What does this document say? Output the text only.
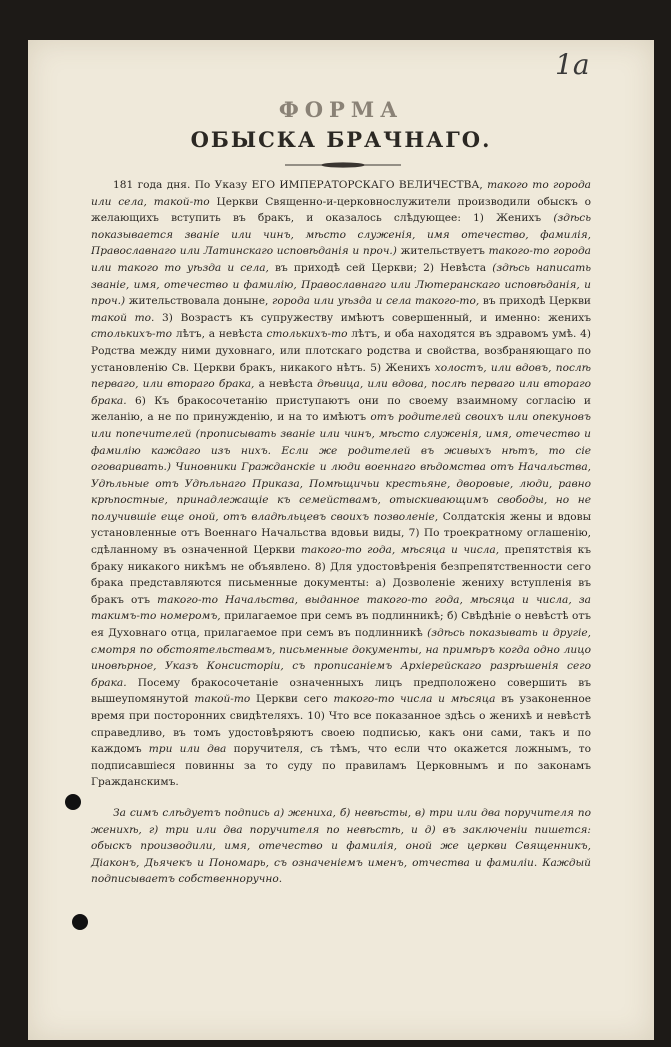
1а
ФОРМА
ОБЫСКА БРАЧНАГО.

181 года дня. По Указу ЕГО ИМПЕРАТОРСКАГО ВЕЛИЧЕСТВА, такого то города или села, такой-то Церкви Священно-и-церковнослужители производили обыскъ о желающихъ вступить въ бракъ, и оказалось слѣдующее: 1) Женихъ (здѣсь показывается званіе или чинъ, мѣсто служенія, имя отечество, фамилія, Православнаго или Латинскаго исповѣданія и проч.) жительствуетъ такого-то города или такого то уѣзда и села, въ приходѣ сей Церкви; 2) Невѣста (здѣсь написать званіе, имя, отечество и фамилію, Православнаго или Лютеранскаго исповѣданія, и проч.) жительствовала доныне, города или уѣзда и села такого-то, въ приходѣ Церкви такой то. 3) Возрастъ къ супружеству имѣютъ совершенный, и именно: женихъ столькихъ-то лѣтъ, а невѣста столькихъ-то лѣтъ, и оба находятся въ здравомъ умѣ. 4) Родства между ними духовнаго, или плотскаго родства и свойства, возбраняющаго по установленію Св. Церкви бракъ, никакого нѣтъ. 5) Женихъ холостъ, или вдовъ, послѣ перваго, или втораго брака, а невѣста дѣвица, или вдова, послѣ перваго или втораго брака. 6) Къ бракосочетанію приступаютъ они по своему взаимному согласію и желанію, а не по принужденію, и на то имѣютъ отъ родителей своихъ или опекуновъ или попечителей (прописывать званіе или чинъ, мѣсто служенія, имя, отечество и фамилію каждаго изъ нихъ. Если же родителей въ живыхъ нѣтъ, то сіе оговаривать.) Чиновники Гражданскіе и люди военнаго вѣдомства отъ Начальства, Удѣльные отъ Удѣльнаго Приказа, Помѣщичьи крестьяне, дворовые, люди, равно крѣпостные, принадлежащіе къ семействамъ, отыскивающимъ свободы, но не получившіе еще оной, отъ владѣльцевъ своихъ позволеніе, Солдатскія жены и вдовы установленные отъ Военнаго Начальства вдовьи виды, 7) По троекратному оглашенію, сдѣланному въ означенной Церкви такого-то года, мѣсяца и числа, препятствія къ браку никакого никѣмъ не объявлено. 8) Для удостовѣренія безпрепятственности сего брака представляются письменные документы: а) Дозволеніе жениху вступленія въ бракъ отъ такого-то Начальства, выданное такого-то года, мѣсяца и числа, за такимъ-то номеромъ, прилагаемое при семъ въ подлинникѣ; б) Свѣдѣніе о невѣстѣ отъ ея Духовнаго отца, прилагаемое при семъ въ подлинникѣ (здѣсь показывать и другіе, смотря по обстоятельствамъ, письменные документы, на примѣръ когда одно лицо иновѣрное, Указъ Консисторіи, съ прописаніемъ Архіерейскаго разрѣшенія сего брака. Посему бракосочетаніе означенныхъ лицъ предположено совершить въ вышеупомянутой такой-то Церкви сего такого-то числа и мѣсяца въ узаконенное время при посторонних свидѣтеляхъ. 10) Что все показанное здѣсь о женихѣ и невѣстѣ справедливо, въ томъ удостовѣряютъ своею подписью, какъ они сами, такъ и по каждомъ три или два поручителя, съ тѣмъ, что если что окажется ложнымъ, то подписавшіеся повинны за то суду по правиламъ Церковнымъ и по законамъ Гражданскимъ.

За симъ слѣдуетъ подпись а) жениха, б) невѣсты, в) три или два поручителя по женихѣ, г) три или два поручителя по невѣстѣ, и д) въ заключеніи пишется: обыскъ производили, имя, отечество и фамилія, оной же церкви Священникъ, Діаконъ, Дьячекъ и Пономарь, съ означеніемъ именъ, отчества и фамиліи. Каждый подписываетъ собственноручно.
